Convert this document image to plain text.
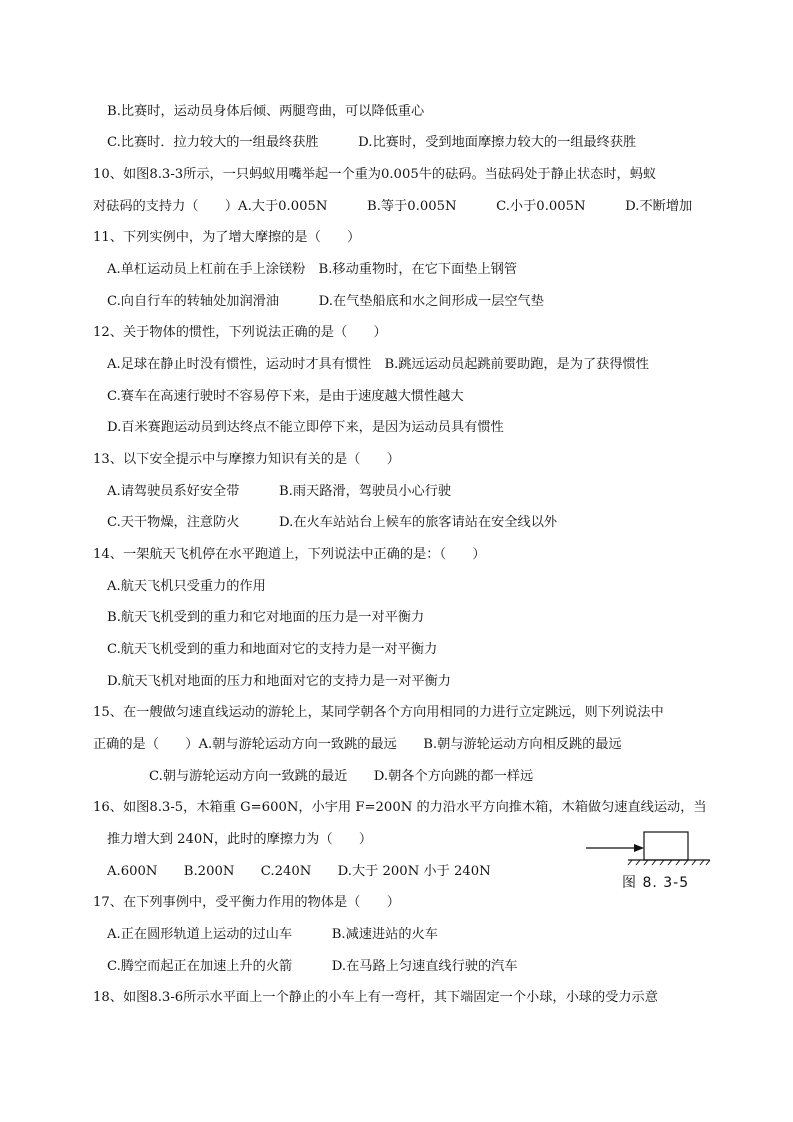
B.比赛时，运动员身体后倾、两腿弯曲，可以降低重心
C.比赛时．拉力较大的一组最终获胜　　　D.比赛时，受到地面摩擦力较大的一组最终获胜
10、如图8.3-3所示，一只蚂蚁用嘴举起一个重为0.005牛的砝码。当砝码处于静止状态时，蚂蚁
对砝码的支持力（　　）A.大于0.005N　　　B.等于0.005N　　　C.小于0.005N　　　D.不断增加
11、下列实例中，为了增大摩擦的是（　　）
A.单杠运动员上杠前在手上涂镁粉　B.移动重物时，在它下面垫上钢管
C.向自行车的转轴处加润滑油　　　D.在气垫船底和水之间形成一层空气垫
12、关于物体的惯性，下列说法正确的是（　　）
A.足球在静止时没有惯性，运动时才具有惯性　B.跳远运动员起跳前要助跑，是为了获得惯性
C.赛车在高速行驶时不容易停下来，是由于速度越大惯性越大
D.百米赛跑运动员到达终点不能立即停下来，是因为运动员具有惯性
13、以下安全提示中与摩擦力知识有关的是（　　）
A.请驾驶员系好安全带　　　B.雨天路滑，驾驶员小心行驶
C.天干物燥，注意防火　　　D.在火车站站台上候车的旅客请站在安全线以外
14、一架航天飞机停在水平跑道上，下列说法中正确的是：（　　）
A.航天飞机只受重力的作用
B.航天飞机受到的重力和它对地面的压力是一对平衡力
C.航天飞机受到的重力和地面对它的支持力是一对平衡力
D.航天飞机对地面的压力和地面对它的支持力是一对平衡力
15、在一艘做匀速直线运动的游轮上，某同学朝各个方向用相同的力进行立定跳远，则下列说法中
正确的是（　　）A.朝与游轮运动方向一致跳的最远　　B.朝与游轮运动方向相反跳的最远
C.朝与游轮运动方向一致跳的最近　　D.朝各个方向跳的都一样远
16、如图8.3-5，木箱重 G=600N，小宇用 F=200N 的力沿水平方向推木箱，木箱做匀速直线运动，当
推力增大到 240N，此时的摩擦力为（　　）
A.600N　　B.200N　　C.240N　　D.大于 200N 小于 240N
17、在下列事例中，受平衡力作用的物体是（　　）
A.正在圆形轨道上运动的过山车　　　B.减速进站的火车
C.腾空而起正在加速上升的火箭　　　D.在马路上匀速直线行驶的汽车
18、如图8.3-6所示水平面上一个静止的小车上有一弯杆，其下端固定一个小球，小球的受力示意
图 8. 3-5
